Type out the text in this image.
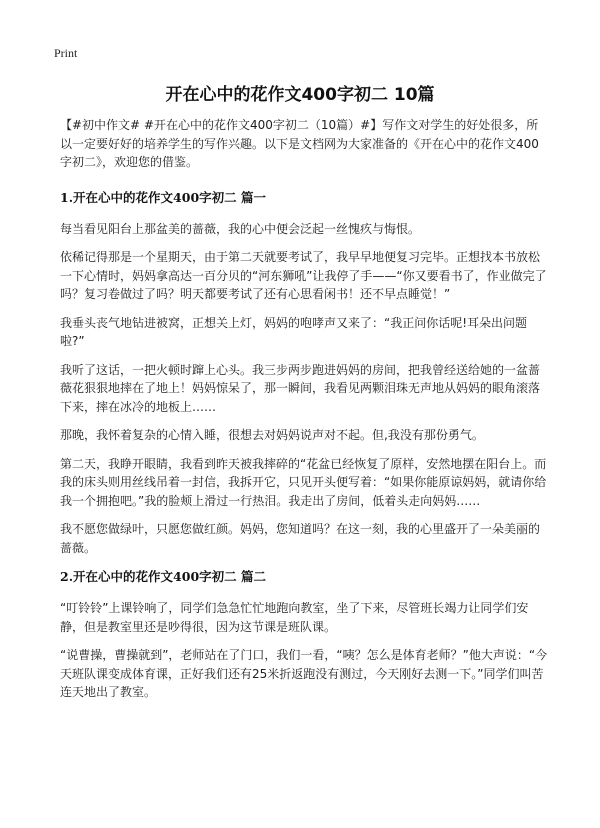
Print
开在心中的花作文400字初二 10篇

【#初中作文# #开在心中的花作文400字初二（10篇）#】写作文对学生的好处很多，所以一定要好好的培养学生的写作兴趣。以下是文档网为大家准备的《开在心中的花作文400字初二》，欢迎您的借鉴。

1.开在心中的花作文400字初二 篇一

每当看见阳台上那盆美的蔷薇，我的心中便会泛起一丝愧疚与悔恨。

依稀记得那是一个星期天，由于第二天就要考试了，我早早地便复习完毕。正想找本书放松一下心情时，妈妈拿高达一百分贝的“河东狮吼”让我停了手——“你又要看书了，作业做完了吗？复习卷做过了吗？明天都要考试了还有心思看闲书！还不早点睡觉！”

我垂头丧气地钻进被窝，正想关上灯，妈妈的咆哮声又来了：“我正问你话呢!耳朵出问题啦?”

我听了这话，一把火顿时蹿上心头。我三步两步跑进妈妈的房间，把我曾经送给她的一盆蔷薇花狠狠地摔在了地上！妈妈惊呆了，那一瞬间，我看见两颗泪珠无声地从妈妈的眼角滚落下来，摔在冰冷的地板上……

那晚，我怀着复杂的心情入睡，很想去对妈妈说声对不起。但,我没有那份勇气。

第二天，我睁开眼睛，我看到昨天被我摔碎的“花盆已经恢复了原样，安然地摆在阳台上。而我的床头则用丝线吊着一封信，我拆开它，只见开头便写着：“如果你能原谅妈妈，就请你给我一个拥抱吧。”我的脸颊上滑过一行热泪。我走出了房间，低着头走向妈妈……

我不愿您做绿叶，只愿您做红颜。妈妈，您知道吗？在这一刻，我的心里盛开了一朵美丽的蔷薇。

2.开在心中的花作文400字初二 篇二

“叮铃铃”上课铃响了，同学们急急忙忙地跑向教室，坐了下来，尽管班长竭力让同学们安静，但是教室里还是吵得很，因为这节课是班队课。

“说曹操，曹操就到”，老师站在了门口，我们一看，“咦？怎么是体育老师？”他大声说：“今天班队课变成体育课，正好我们还有25米折返跑没有测过，今天刚好去测一下。”同学们叫苦连天地出了教室。
